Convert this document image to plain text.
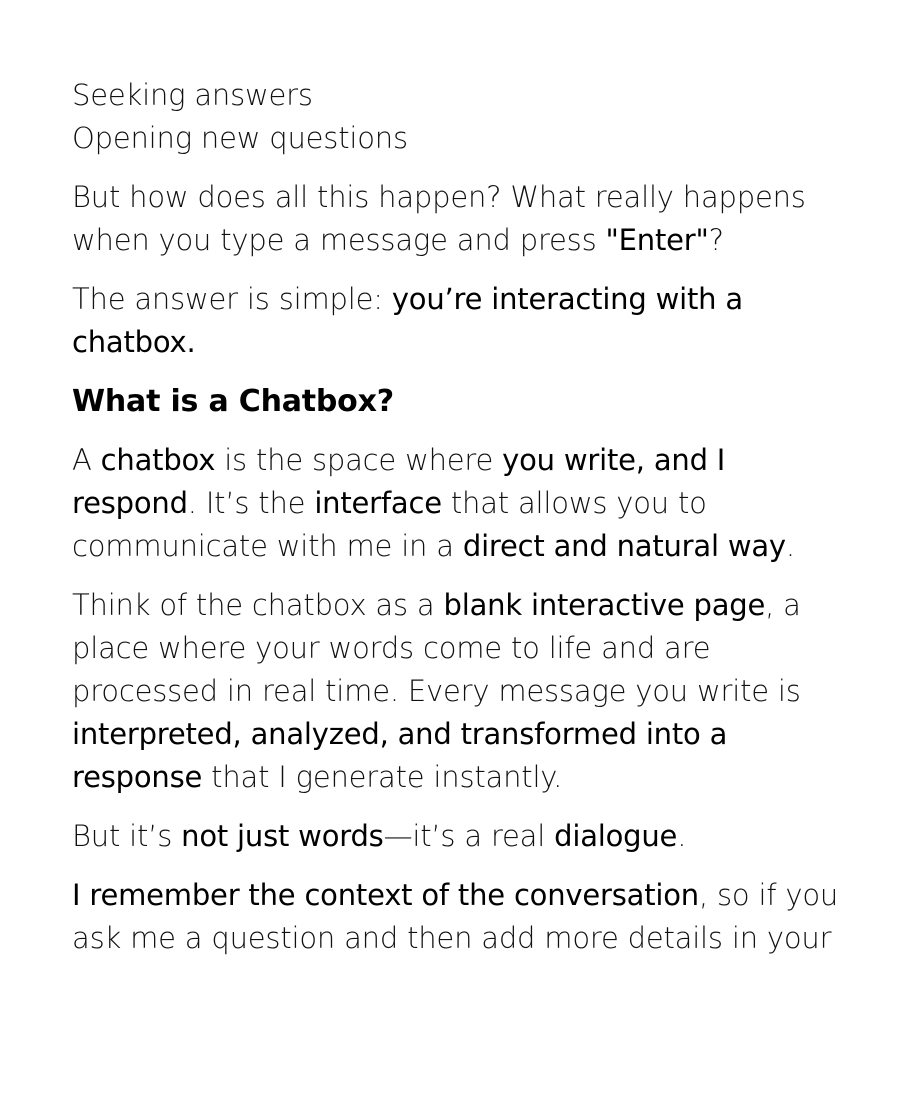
Seeking answers
Opening new questions

But how does all this happen? What really happens when you type a message and press "Enter"?

The answer is simple: you’re interacting with a chatbox.

What is a Chatbox?

A chatbox is the space where you write, and I respond. It’s the interface that allows you to communicate with me in a direct and natural way.

Think of the chatbox as a blank interactive page, a place where your words come to life and are processed in real time. Every message you write is interpreted, analyzed, and transformed into a response that I generate instantly.

But it’s not just words—it’s a real dialogue.

I remember the context of the conversation, so if you ask me a question and then add more details in your
